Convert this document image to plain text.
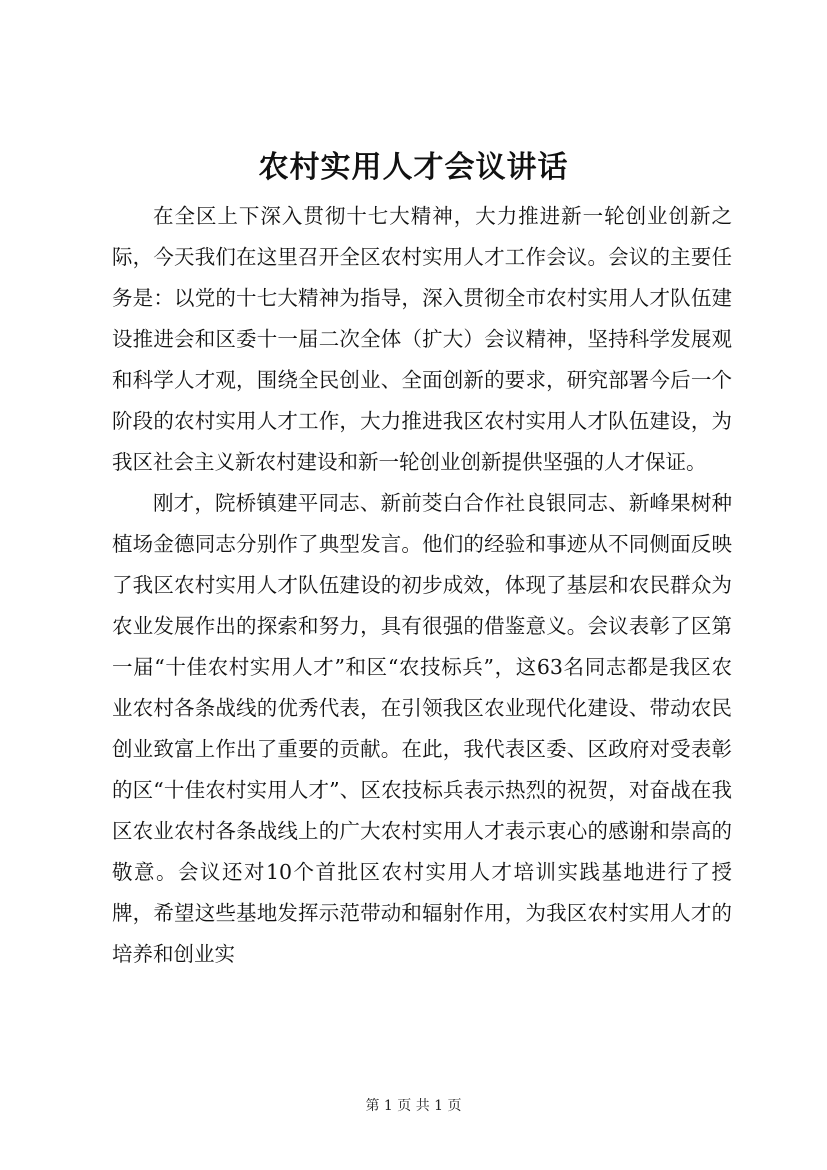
农村实用人才会议讲话

在全区上下深入贯彻十七大精神，大力推进新一轮创业创新之际，今天我们在这里召开全区农村实用人才工作会议。会议的主要任务是：以党的十七大精神为指导，深入贯彻全市农村实用人才队伍建设推进会和区委十一届二次全体（扩大）会议精神，坚持科学发展观和科学人才观，围绕全民创业、全面创新的要求，研究部署今后一个阶段的农村实用人才工作，大力推进我区农村实用人才队伍建设，为我区社会主义新农村建设和新一轮创业创新提供坚强的人才保证。

刚才，院桥镇建平同志、新前茭白合作社良银同志、新峰果树种植场金德同志分别作了典型发言。他们的经验和事迹从不同侧面反映了我区农村实用人才队伍建设的初步成效，体现了基层和农民群众为农业发展作出的探索和努力，具有很强的借鉴意义。会议表彰了区第一届“十佳农村实用人才”和区“农技标兵”，这63名同志都是我区农业农村各条战线的优秀代表，在引领我区农业现代化建设、带动农民创业致富上作出了重要的贡献。在此，我代表区委、区政府对受表彰的区“十佳农村实用人才”、区农技标兵表示热烈的祝贺，对奋战在我区农业农村各条战线上的广大农村实用人才表示衷心的感谢和崇高的敬意。会议还对10个首批区农村实用人才培训实践基地进行了授牌，希望这些基地发挥示范带动和辐射作用，为我区农村实用人才的培养和创业实

第 1 页 共 1 页
